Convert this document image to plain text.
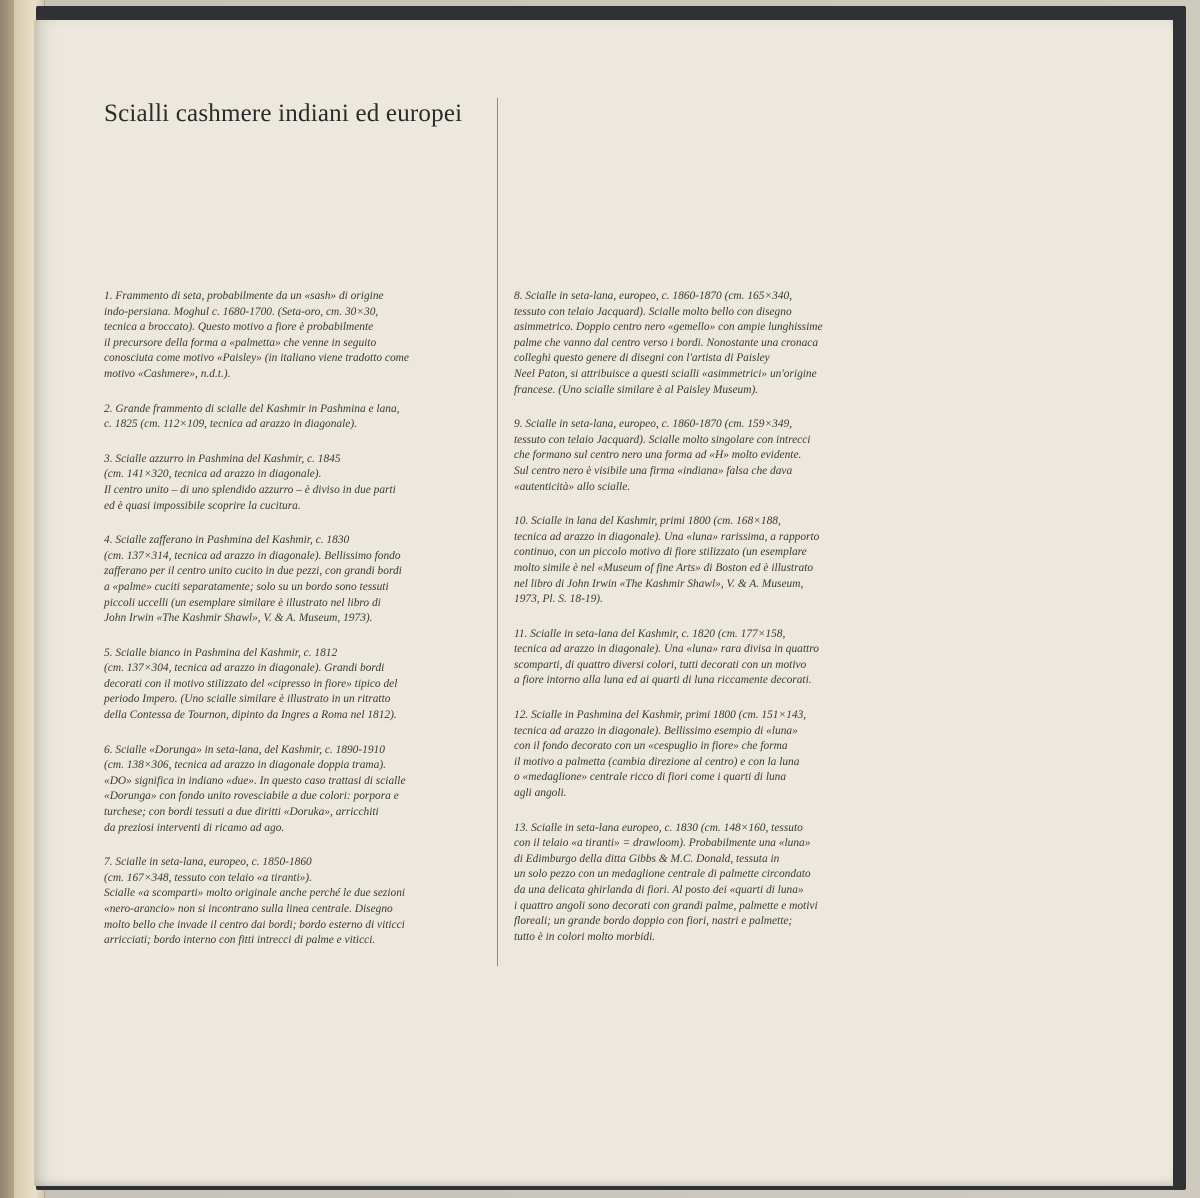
Scialli cashmere indiani ed europei

1. Frammento di seta, probabilmente da un «sash» di origine
indo-persiana. Moghul c. 1680-1700. (Seta-oro, cm. 30×30,
tecnica a broccato). Questo motivo a fiore è probabilmente
il precursore della forma a «palmetta» che venne in seguito
conosciuta come motivo «Paisley» (in italiano viene tradotto come
motivo «Cashmere», n.d.t.).

2. Grande frammento di scialle del Kashmir in Pashmina e lana,
c. 1825 (cm. 112×109, tecnica ad arazzo in diagonale).

3. Scialle azzurro in Pashmina del Kashmir, c. 1845
(cm. 141×320, tecnica ad arazzo in diagonale).
Il centro unito – di uno splendido azzurro – è diviso in due parti
ed è quasi impossibile scoprire la cucitura.

4. Scialle zafferano in Pashmina del Kashmir, c. 1830
(cm. 137×314, tecnica ad arazzo in diagonale). Bellissimo fondo
zafferano per il centro unito cucito in due pezzi, con grandi bordi
a «palme» cuciti separatamente; solo su un bordo sono tessuti
piccoli uccelli (un esemplare similare è illustrato nel libro di
John Irwin «The Kashmir Shawl», V. & A. Museum, 1973).

5. Scialle bianco in Pashmina del Kashmir, c. 1812
(cm. 137×304, tecnica ad arazzo in diagonale). Grandi bordi
decorati con il motivo stilizzato del «cipresso in fiore» tipico del
periodo Impero. (Uno scialle similare è illustrato in un ritratto
della Contessa de Tournon, dipinto da Ingres a Roma nel 1812).

6. Scialle «Dorunga» in seta-lana, del Kashmir, c. 1890-1910
(cm. 138×306, tecnica ad arazzo in diagonale doppia trama).
«DO» significa in indiano «due». In questo caso trattasi di scialle
«Dorunga» con fondo unito rovesciabile a due colori: porpora e
turchese; con bordi tessuti a due diritti «Doruka», arricchiti
da preziosi interventi di ricamo ad ago.

7. Scialle in seta-lana, europeo, c. 1850-1860
(cm. 167×348, tessuto con telaio «a tiranti»).
Scialle «a scomparti» molto originale anche perché le due sezioni
«nero-arancio» non si incontrano sulla linea centrale. Disegno
molto bello che invade il centro dai bordi; bordo esterno di viticci
arricciati; bordo interno con fitti intrecci di palme e viticci.

8. Scialle in seta-lana, europeo, c. 1860-1870 (cm. 165×340,
tessuto con telaio Jacquard). Scialle molto bello con disegno
asimmetrico. Doppio centro nero «gemello» con ampie lunghissime
palme che vanno dal centro verso i bordi. Nonostante una cronaca
colleghi questo genere di disegni con l'artista di Paisley
Neel Paton, si attribuisce a questi scialli «asimmetrici» un'origine
francese. (Uno scialle similare è al Paisley Museum).

9. Scialle in seta-lana, europeo, c. 1860-1870 (cm. 159×349,
tessuto con telaio Jacquard). Scialle molto singolare con intrecci
che formano sul centro nero una forma ad «H» molto evidente.
Sul centro nero è visibile una firma «indiana» falsa che dava
«autenticità» allo scialle.

10. Scialle in lana del Kashmir, primi 1800 (cm. 168×188,
tecnica ad arazzo in diagonale). Una «luna» rarissima, a rapporto
continuo, con un piccolo motivo di fiore stilizzato (un esemplare
molto simile è nel «Museum of fine Arts» di Boston ed è illustrato
nel libro di John Irwin «The Kashmir Shawl», V. & A. Museum,
1973, Pl. S. 18-19).

11. Scialle in seta-lana del Kashmir, c. 1820 (cm. 177×158,
tecnica ad arazzo in diagonale). Una «luna» rara divisa in quattro
scomparti, di quattro diversi colori, tutti decorati con un motivo
a fiore intorno alla luna ed ai quarti di luna riccamente decorati.

12. Scialle in Pashmina del Kashmir, primi 1800 (cm. 151×143,
tecnica ad arazzo in diagonale). Bellissimo esempio di «luna»
con il fondo decorato con un «cespuglio in fiore» che forma
il motivo a palmetta (cambia direzione al centro) e con la luna
o «medaglione» centrale ricco di fiori come i quarti di luna
agli angoli.

13. Scialle in seta-lana europeo, c. 1830 (cm. 148×160, tessuto
con il telaio «a tiranti» = drawloom). Probabilmente una «luna»
di Edimburgo della ditta Gibbs & M.C. Donald, tessuta in
un solo pezzo con un medaglione centrale di palmette circondato
da una delicata ghirlanda di fiori. Al posto dei «quarti di luna»
i quattro angoli sono decorati con grandi palme, palmette e motivi
floreali; un grande bordo doppio con fiori, nastri e palmette;
tutto è in colori molto morbidi.
